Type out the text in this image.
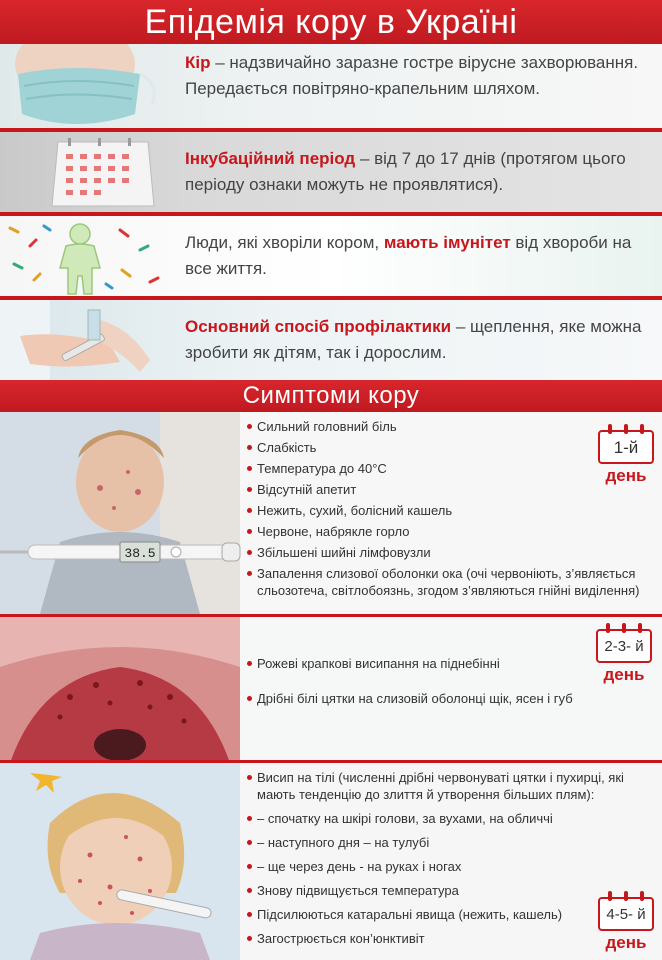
Епідемія кору в Україні
Кір – надзвичайно заразне гостре вірусне захворювання. Передається повітряно-крапельним шляхом.
Інкубаційний період – від 7 до 17 днів (протягом цього періоду ознаки можуть не проявлятися).
Люди, які хворіли кором, мають імунітет від хвороби на все життя.
Основний спосіб профілактики – щеплення, яке можна зробити як дітям, так і дорослим.
Симптоми кору
Сильний головний біль
Слабкість
Температура до 40°С
Відсутній апетит
Нежить, сухий, болісний кашель
Червоне, набрякле горло
Збільшені шийні лімфовузли
Запалення слизової оболонки ока (очі червоніють, з’являється сльозотеча, світлобоязнь, згодом з’являються гнійні виділення)
38.5
1-й
день
Рожеві крапкові висипання на піднебінні
Дрібні білі цятки на слизовій оболонці щік, ясен і губ
2-3- й
день
Висип на тілі (численні дрібні червонуваті цятки і пухирці, які мають тенденцію до злиття й утворення більших плям):
– спочатку на шкірі голови, за вухами, на обличчі
– наступного дня – на тулубі
– ще через день - на руках і ногах
Знову підвищується температура
Підсилюються катаральні явища (нежить, кашель)
Загострюється кон’юнктивіт
4-5- й
день
